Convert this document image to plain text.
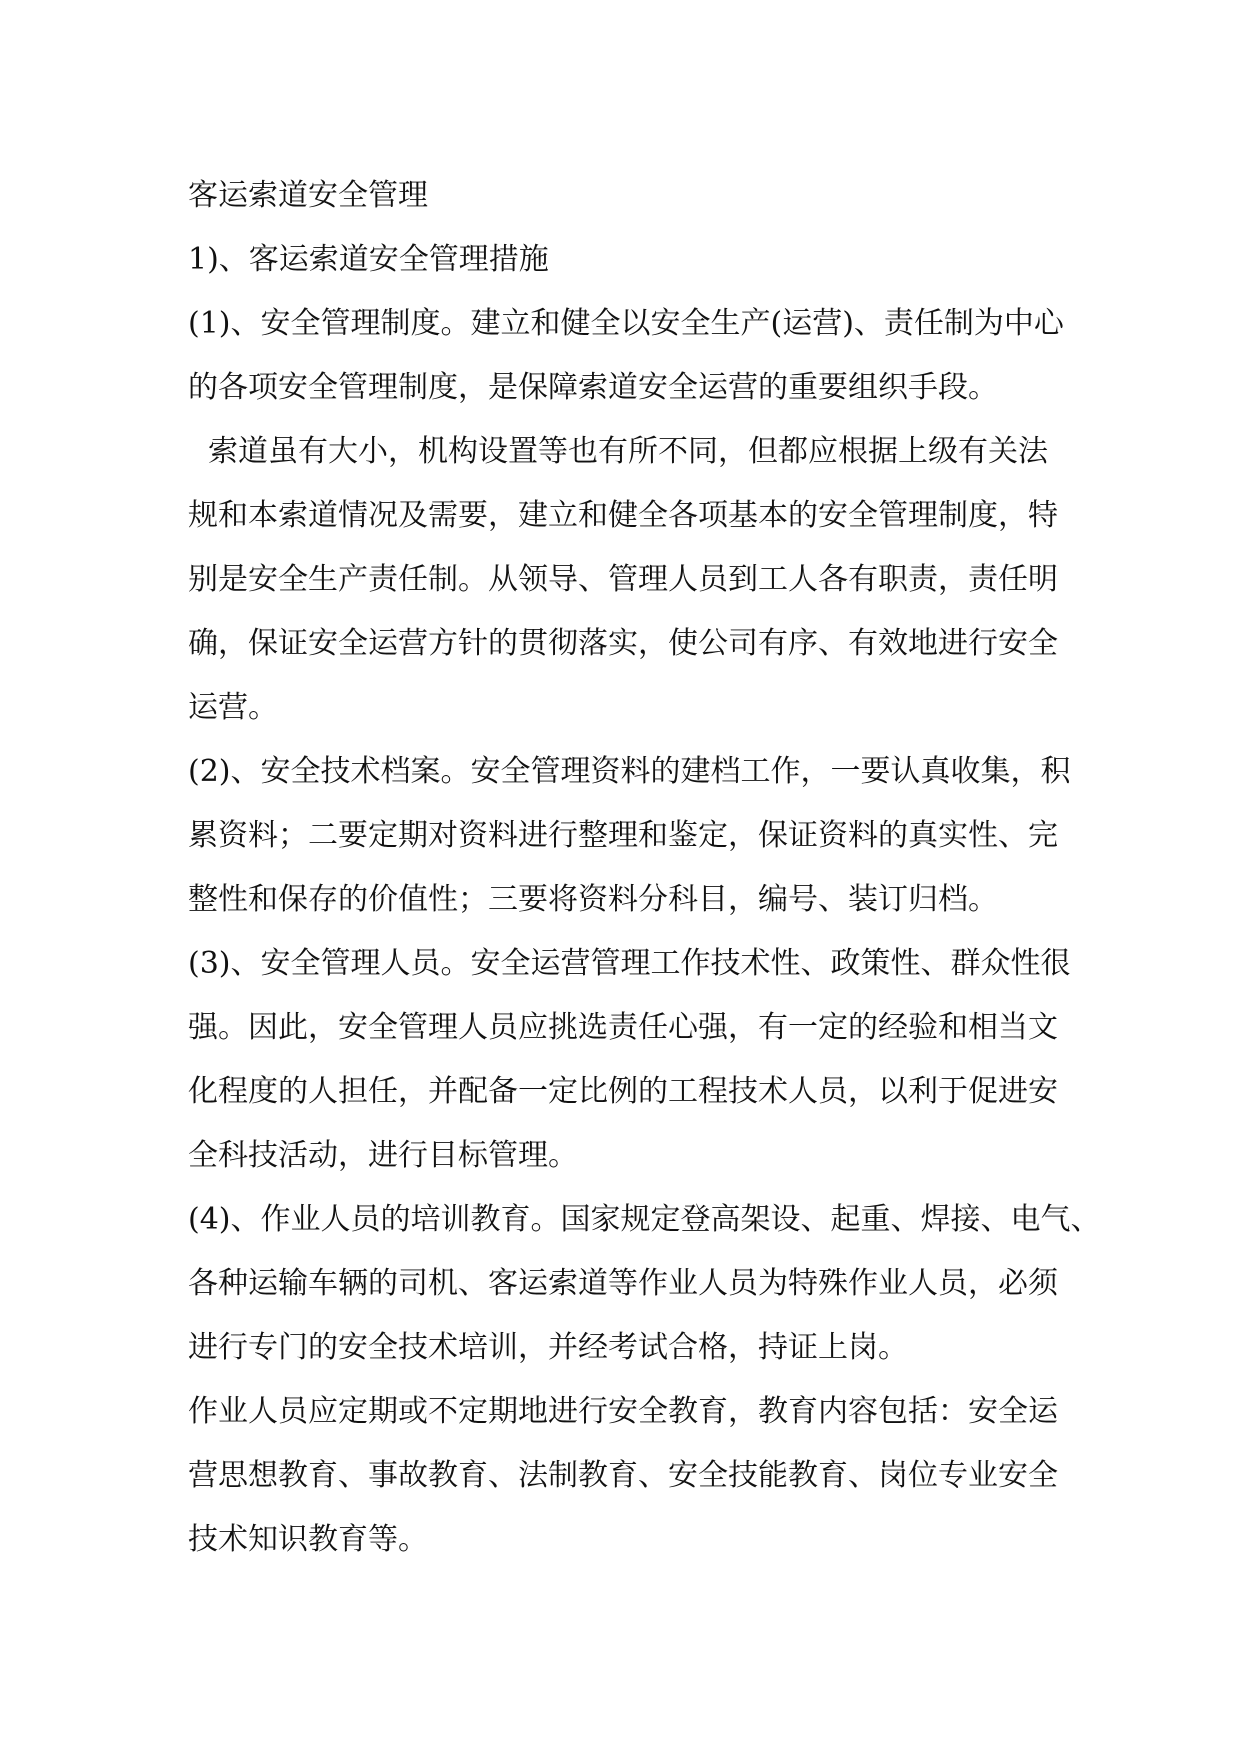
客运索道安全管理
1)、客运索道安全管理措施
(1)、安全管理制度。建立和健全以安全生产(运营)、责任制为中心
的各项安全管理制度，是保障索道安全运营的重要组织手段。
索道虽有大小，机构设置等也有所不同，但都应根据上级有关法
规和本索道情况及需要，建立和健全各项基本的安全管理制度，特
别是安全生产责任制。从领导、管理人员到工人各有职责，责任明
确，保证安全运营方针的贯彻落实，使公司有序、有效地进行安全
运营。
(2)、安全技术档案。安全管理资料的建档工作，一要认真收集，积
累资料；二要定期对资料进行整理和鉴定，保证资料的真实性、完
整性和保存的价值性；三要将资料分科目，编号、装订归档。
(3)、安全管理人员。安全运营管理工作技术性、政策性、群众性很
强。因此，安全管理人员应挑选责任心强，有一定的经验和相当文
化程度的人担任，并配备一定比例的工程技术人员，以利于促进安
全科技活动，进行目标管理。
(4)、作业人员的培训教育。国家规定登高架设、起重、焊接、电气、
各种运输车辆的司机、客运索道等作业人员为特殊作业人员，必须
进行专门的安全技术培训，并经考试合格，持证上岗。
作业人员应定期或不定期地进行安全教育，教育内容包括：安全运
营思想教育、事故教育、法制教育、安全技能教育、岗位专业安全
技术知识教育等。
